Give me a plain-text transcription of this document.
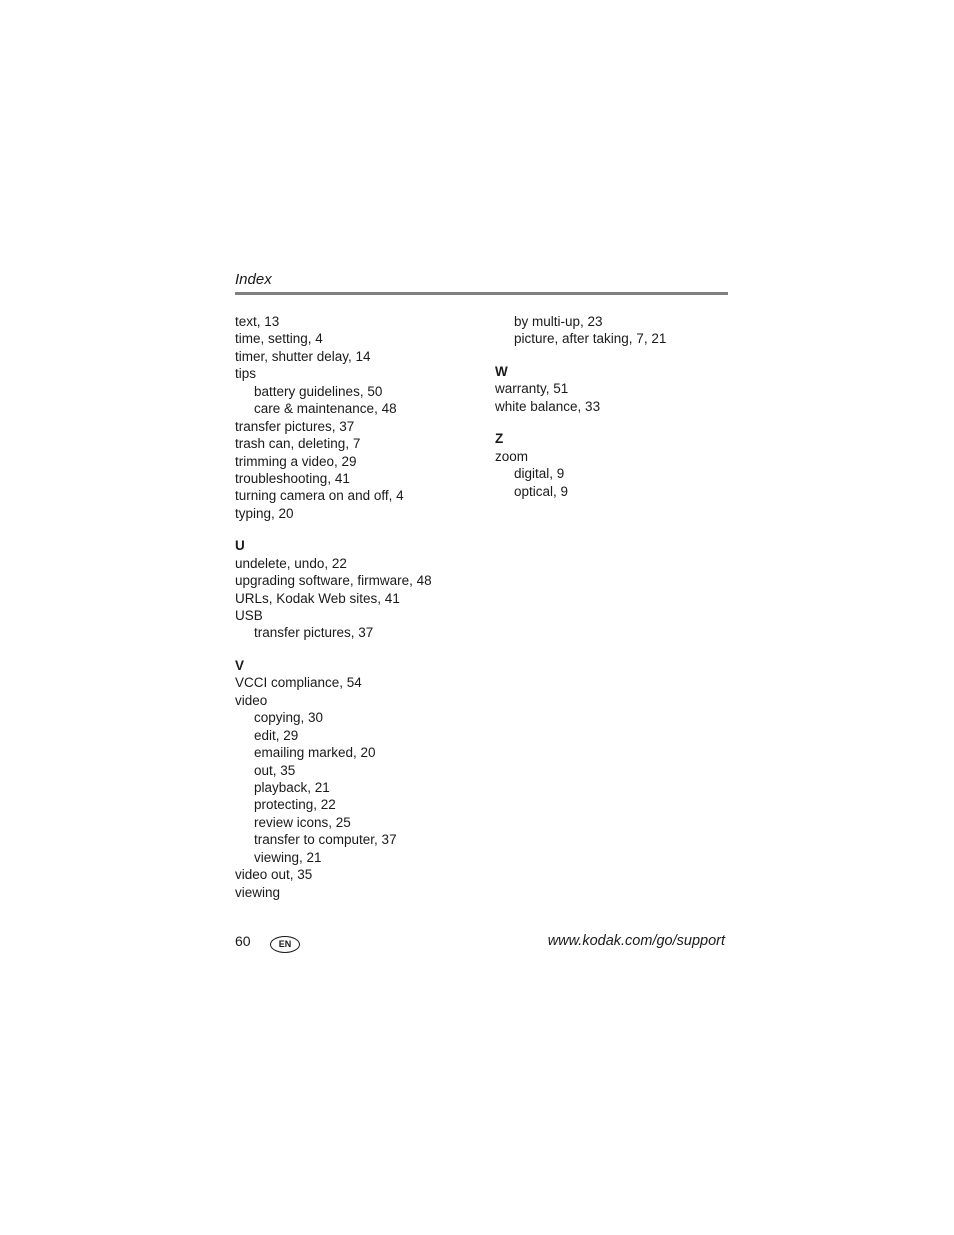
Index
text, 13
time, setting, 4
timer, shutter delay, 14
tips
battery guidelines, 50
care & maintenance, 48
transfer pictures, 37
trash can, deleting, 7
trimming a video, 29
troubleshooting, 41
turning camera on and off, 4
typing, 20
U
undelete, undo, 22
upgrading software, firmware, 48
URLs, Kodak Web sites, 41
USB
transfer pictures, 37
V
VCCI compliance, 54
video
copying, 30
edit, 29
emailing marked, 20
out, 35
playback, 21
protecting, 22
review icons, 25
transfer to computer, 37
viewing, 21
video out, 35
viewing
by multi-up, 23
picture, after taking, 7, 21
W
warranty, 51
white balance, 33
Z
zoom
digital, 9
optical, 9
60	EN	www.kodak.com/go/support
